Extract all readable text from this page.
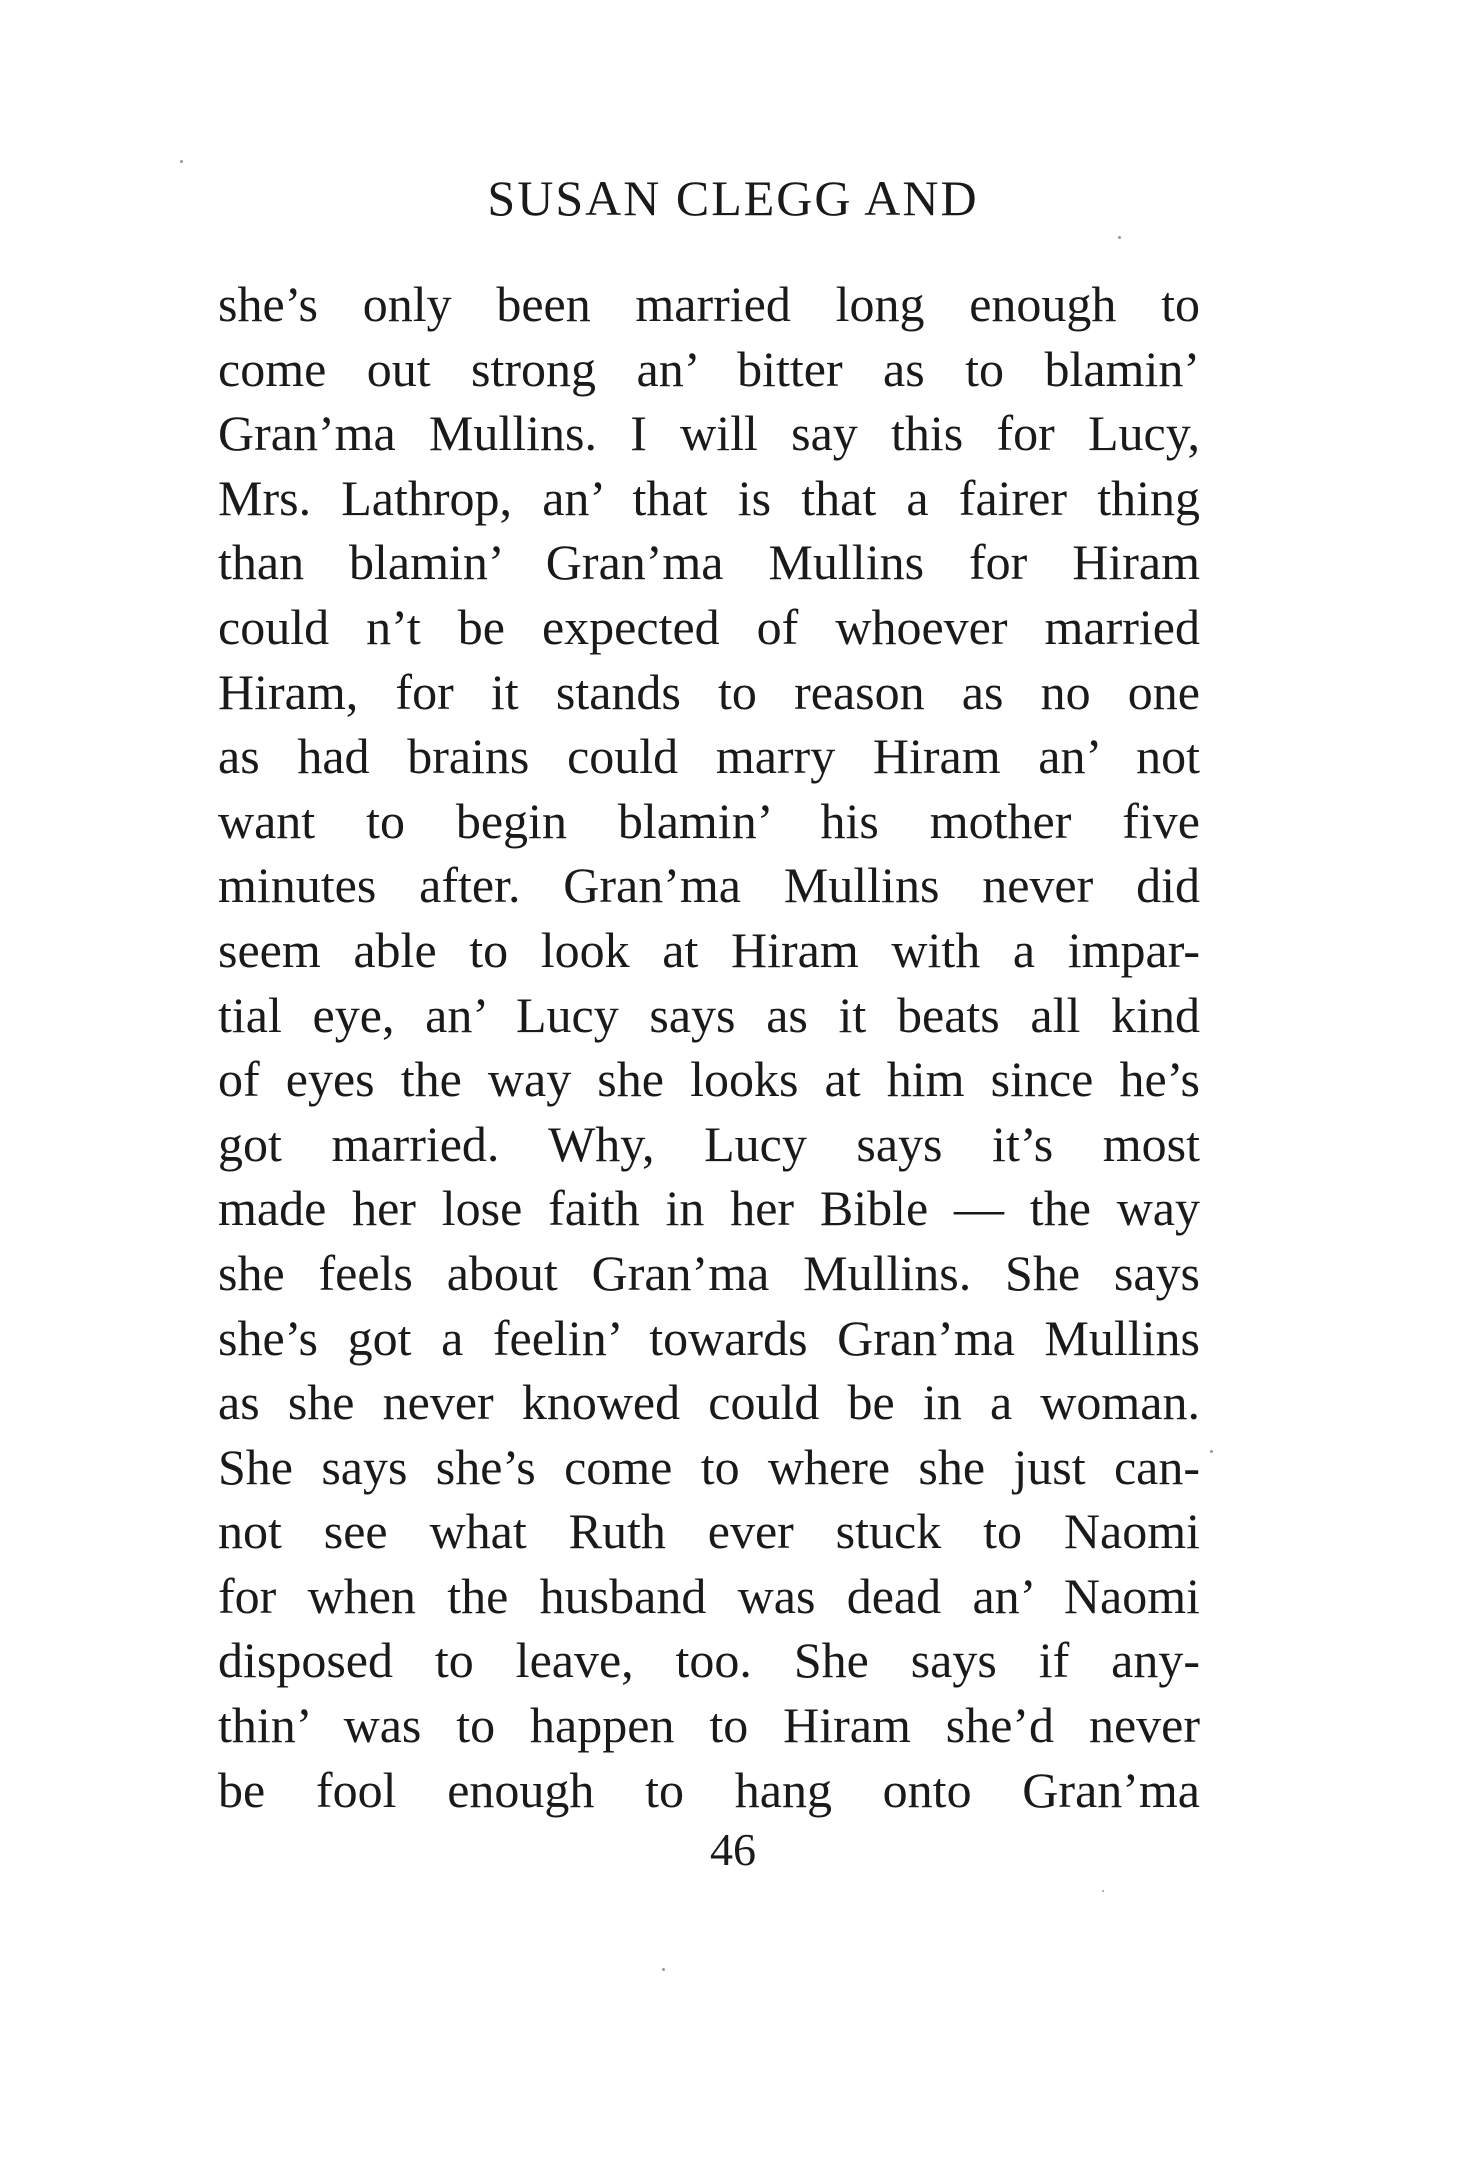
SUSAN CLEGG AND
she’s only been married long enough to
come out strong an’ bitter as to blamin’
Gran’ma Mullins. I will say this for Lucy,
Mrs. Lathrop, an’ that is that a fairer thing
than blamin’ Gran’ma Mullins for Hiram
could n’t be expected of whoever married
Hiram, for it stands to reason as no one
as had brains could marry Hiram an’ not
want to begin blamin’ his mother five
minutes after. Gran’ma Mullins never did
seem able to look at Hiram with a impar-
tial eye, an’ Lucy says as it beats all kind
of eyes the way she looks at him since he’s
got married. Why, Lucy says it’s most
made her lose faith in her Bible — the way
she feels about Gran’ma Mullins. She says
she’s got a feelin’ towards Gran’ma Mullins
as she never knowed could be in a woman.
She says she’s come to where she just can-
not see what Ruth ever stuck to Naomi
for when the husband was dead an’ Naomi
disposed to leave, too. She says if any-
thin’ was to happen to Hiram she’d never
be fool enough to hang onto Gran’ma
46
